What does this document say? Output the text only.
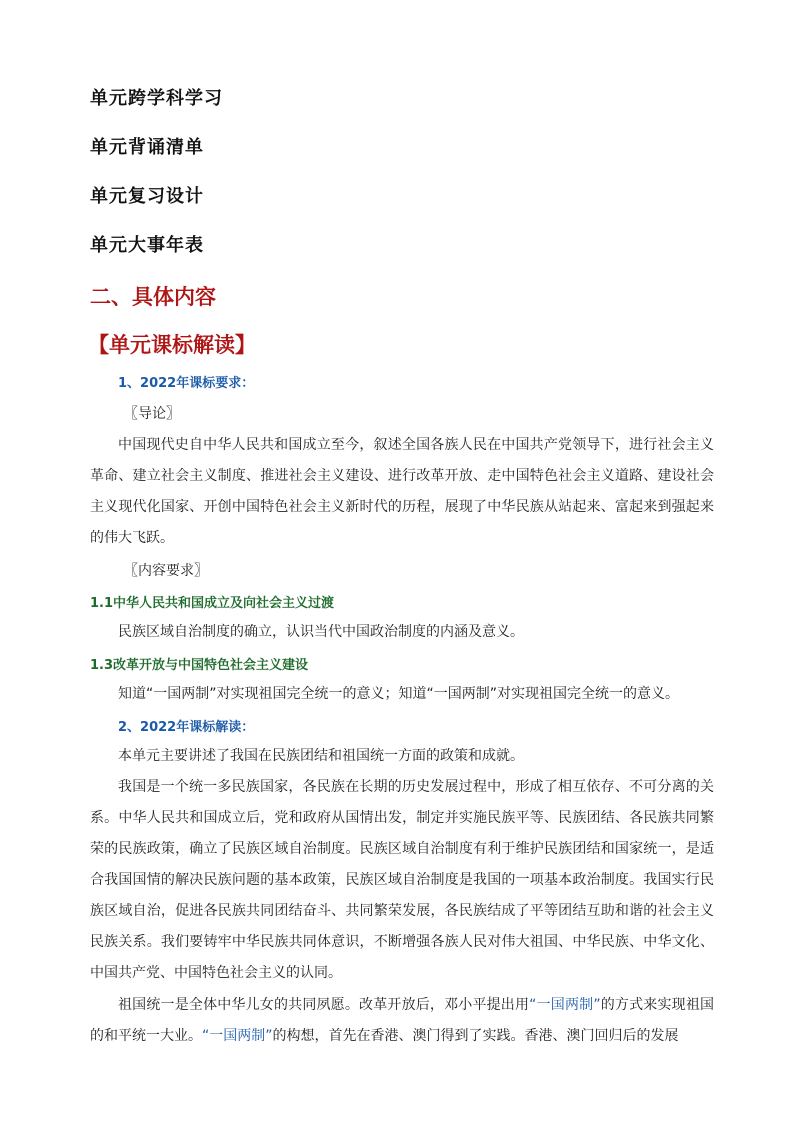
单元跨学科学习
单元背诵清单
单元复习设计
单元大事年表
二、具体内容
【单元课标解读】
1、2022年课标要求：
〖导论〗

中国现代史自中华人民共和国成立至今，叙述全国各族人民在中国共产党领导下，进行社会主义革命、建立社会主义制度、推进社会主义建设、进行改革开放、走中国特色社会主义道路、建设社会主义现代化国家、开创中国特色社会主义新时代的历程，展现了中华民族从站起来、富起来到强起来的伟大飞跃。

〖内容要求〗
1.1中华人民共和国成立及向社会主义过渡

民族区域自治制度的确立，认识当代中国政治制度的内涵及意义。

1.3改革开放与中国特色社会主义建设

知道“一国两制”对实现祖国完全统一的意义；知道“一国两制”对实现祖国完全统一的意义。

2、2022年课标解读：

本单元主要讲述了我国在民族团结和祖国统一方面的政策和成就。

我国是一个统一多民族国家，各民族在长期的历史发展过程中，形成了相互依存、不可分离的关系。中华人民共和国成立后，党和政府从国情出发，制定并实施民族平等、民族团结、各民族共同繁荣的民族政策，确立了民族区域自治制度。民族区域自治制度有利于维护民族团结和国家统一，是适合我国国情的解决民族问题的基本政策，民族区域自治制度是我国的一项基本政治制度。我国实行民族区域自治，促进各民族共同团结奋斗、共同繁荣发展，各民族结成了平等团结互助和谐的社会主义民族关系。我们要铸牢中华民族共同体意识，不断增强各族人民对伟大祖国、中华民族、中华文化、中国共产党、中国特色社会主义的认同。

祖国统一是全体中华儿女的共同夙愿。改革开放后，邓小平提出用“一国两制”的方式来实现祖国的和平统一大业。“一国两制”的构想，首先在香港、澳门得到了实践。香港、澳门回归后的发展
